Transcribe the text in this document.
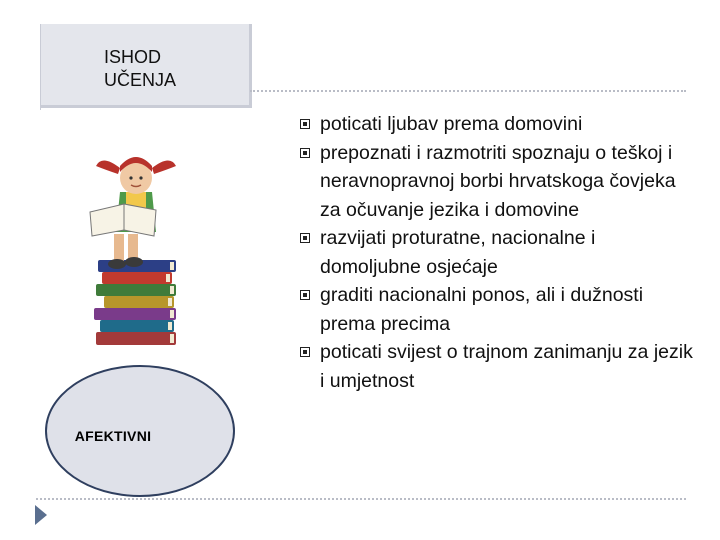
ISHOD
UČENJA
AFEKTIVNI
poticati ljubav prema domovini
prepoznati i razmotriti spoznaju o teškoj i neravnopravnoj borbi hrvatskoga čovjeka za očuvanje jezika i domovine
razvijati proturatne, nacionalne i domoljubne osjećaje
graditi nacionalni ponos, ali i dužnosti prema precima
poticati svijest o trajnom zanimanju za jezik i umjetnost
